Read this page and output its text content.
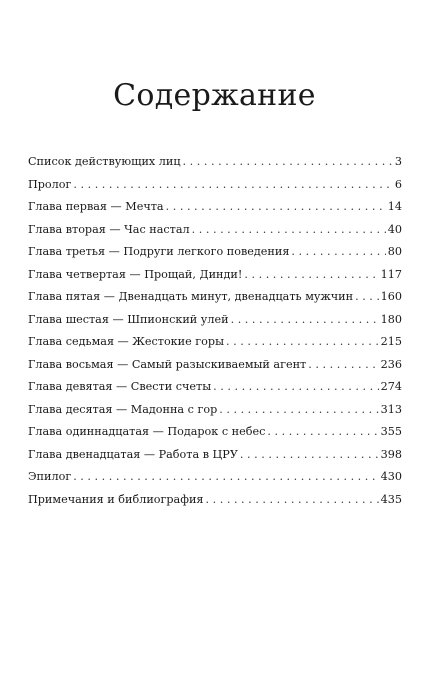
Содержание
Список действующих лиц . . .	3
Пролог . . .	6
Глава первая — Мечта . . .	14
Глава вторая — Час настал . . .	40
Глава третья — Подруги легкого поведения . . .	80
Глава четвертая — Прощай, Динди! . . .	117
Глава пятая — Двенадцать минут, двенадцать мужчин . . . 160
Глава шестая — Шпионский улей . . .	180
Глава седьмая — Жестокие горы . . .	215
Глава восьмая — Самый разыскиваемый агент . . .	236
Глава девятая — Свести счеты . . .	274
Глава десятая — Мадонна с гор . . .	313
Глава одиннадцатая — Подарок с небес . . .	355
Глава двенадцатая — Работа в ЦРУ . . .	398
Эпилог . . .	430
Примечания и библиография . . .	435
